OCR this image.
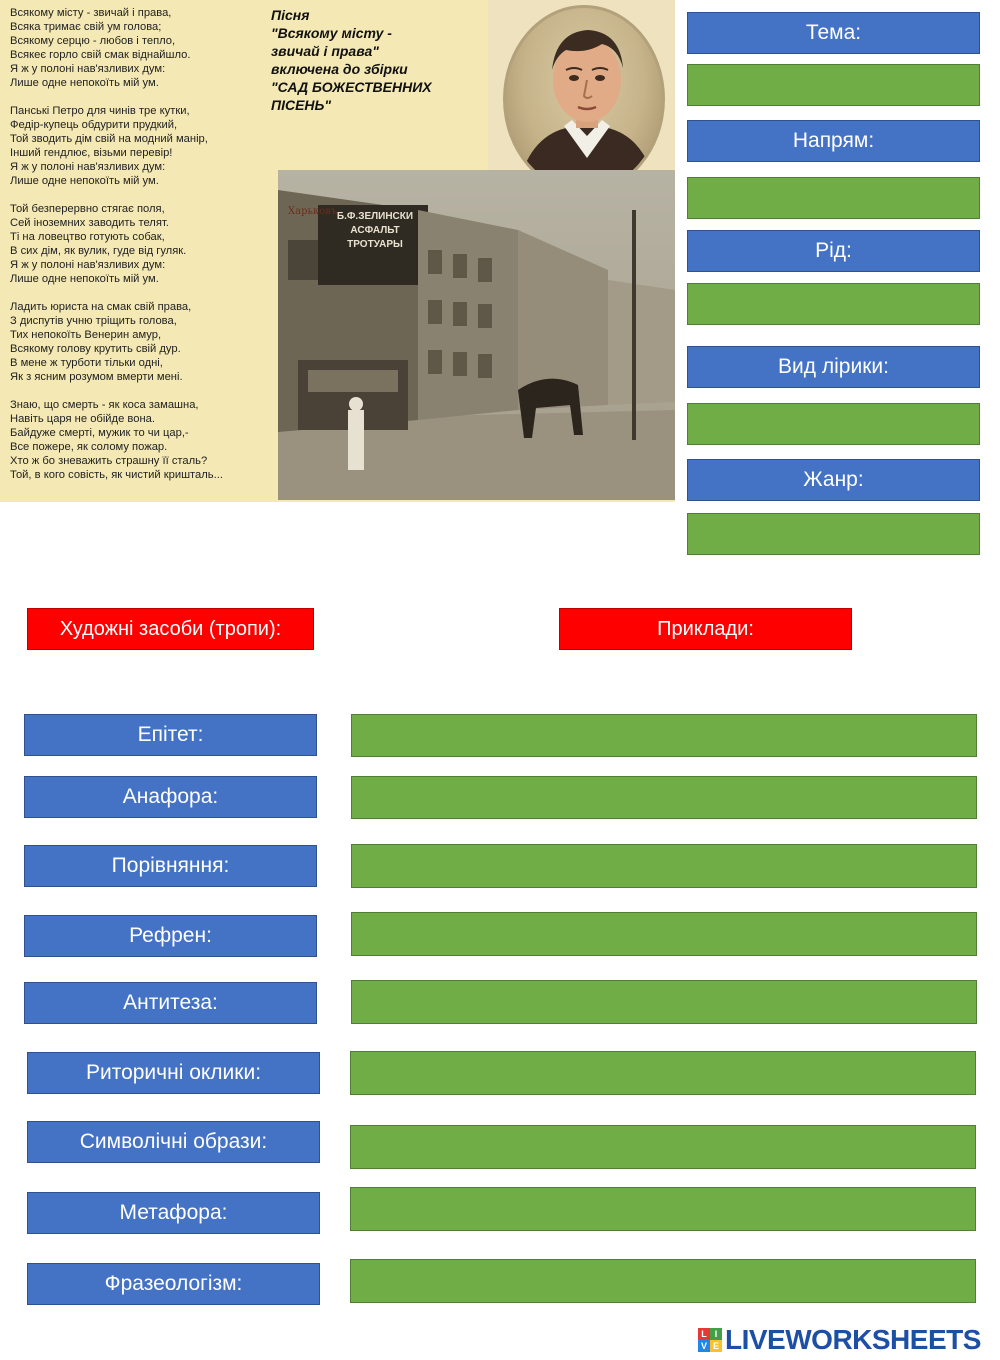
Всякому місту - звичай і права,
Всяка тримає свій ум голова;
Всякому серцю - любов і тепло,
Всякеє горло свій смак віднайшло.
Я ж у полоні нав'язливих дум:
Лише одне непокоїть мій ум.
Панські Петро для чинів тре кутки,
Федір-купець обдурити прудкий,
Той зводить дім свій на модний манір,
Інший гендлює, візьми перевір!
Я ж у полоні нав'язливих дум:
Лише одне непокоїть мій ум.
Той безперервно стягає поля,
Сей іноземних заводить телят.
Ті на ловецтво готують собак,
В сих дім, як вулик, гуде від гуляк.
Я ж у полоні нав'язливих дум:
Лише одне непокоїть мій ум.
Ладить юриста на смак свій права,
З диспутів учню тріщить голова,
Тих непокоїть Венерин амур,
Всякому голову крутить свій дур.
В мене ж турботи тільки одні,
Як з ясним розумом вмерти мені.
Знаю, що смерть - як коса замашна,
Навіть царя не обійде вона.
Байдуже смерті, мужик то чи цар,-
Все пожере, як солому пожар.
Хто ж бо зневажить страшну її сталь?
Той, в кого совість, як чистий кришталь...
Пісня
"Всякому місту -
звичай і права"
включена до збірки
"САД БОЖЕСТВЕННИХ
ПІСЕНЬ"
Харьковъ Б.Ф.ЗЕЛИНСКИ
АСФАЛЬТ ТРОТУАРЫ
Тема:
Напрям:
Рід:
Вид лірики:
Жанр:
Художні засоби (тропи):	Приклади:
Епітет:
Анафора:
Порівняння:
Рефрен:
Антитеза:
Риторичні оклики:
Символічні образи:
Метафора:
Фразеологізм:
L I
V E LIVEWORKSHEETS
